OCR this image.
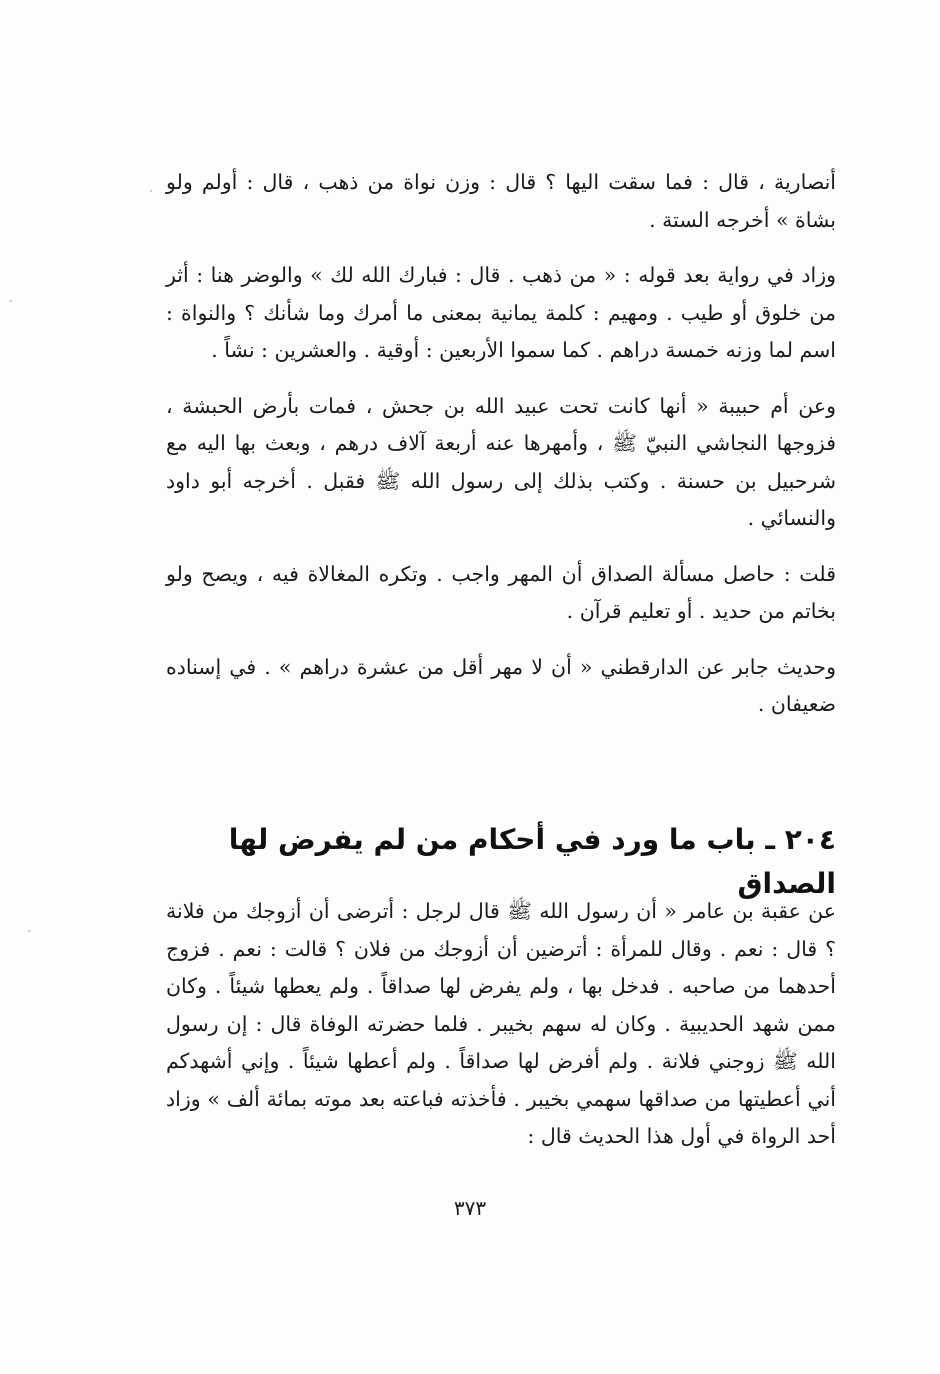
أنصارية ، قال : فما سقت اليها ؟ قال : وزن نواة من ذهب ، قال : أولم ولو بشاة » أخرجه الستة .

وزاد في رواية بعد قوله : « من ذهب . قال : فبارك الله لك » والوضر هنا : أثر من خلوق أو طيب . ومهيم : كلمة يمانية بمعنى ما أمرك وما شأنك ؟ والنواة : اسم لما وزنه خمسة دراهم . كما سموا الأربعين : أوقية . والعشرين : نشاً .

وعن أم حبيبة « أنها كانت تحت عبيد الله بن جحش ، فمات بأرض الحبشة ، فزوجها النجاشي النبيّ ﷺ ، وأمهرها عنه أربعة آلاف درهم ، وبعث بها اليه مع شرحبيل بن حسنة . وكتب بذلك إلى رسول الله ﷺ فقبل . أخرجه أبو داود والنسائي .

قلت : حاصل مسألة الصداق أن المهر واجب . وتكره المغالاة فيه ، ويصح ولو بخاتم من حديد . أو تعليم قرآن .

وحديث جابر عن الدارقطني « أن لا مهر أقل من عشرة دراهم » . في إسناده ضعيفان .

٢٠٤ ـ باب ما ورد في أحكام من لم يفرض لها الصداق

عن عقبة بن عامر « أن رسول الله ﷺ قال لرجل : أترضى أن أزوجك من فلانة ؟ قال : نعم . وقال للمرأة : أترضين أن أزوجك من فلان ؟ قالت : نعم . فزوج أحدهما من صاحبه . فدخل بها ، ولم يفرض لها صداقاً . ولم يعطها شيئاً . وكان ممن شهد الحديبية . وكان له سهم بخيبر . فلما حضرته الوفاة قال : إن رسول الله ﷺ زوجني فلانة . ولم أفرض لها صداقاً . ولم أعطها شيئاً . وإني أشهدكم أني أعطيتها من صداقها سهمي بخيبر . فأخذته فباعته بعد موته بمائة ألف » وزاد أحد الرواة في أول هذا الحديث قال :

٣٧٣
